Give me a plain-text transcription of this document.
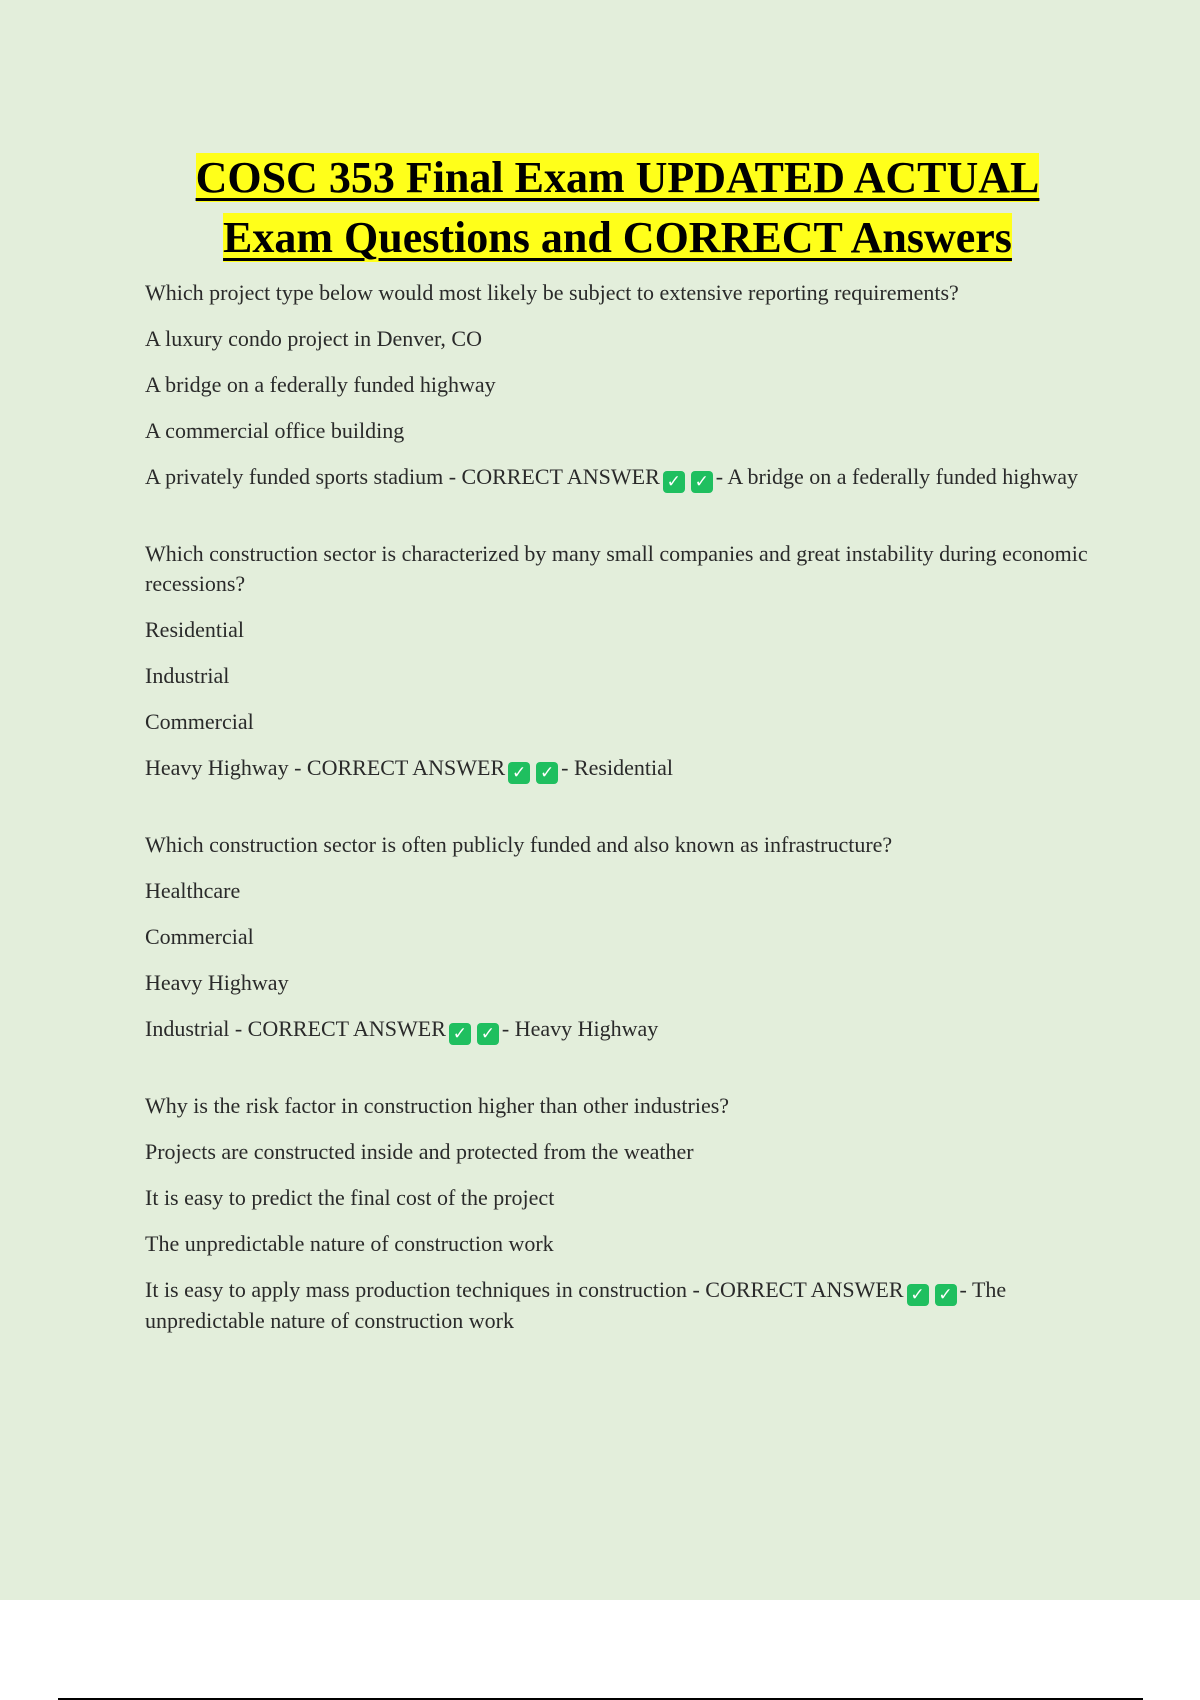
COSC 353 Final Exam UPDATED ACTUAL
Exam Questions and CORRECT Answers
Which project type below would most likely be subject to extensive reporting requirements?
A luxury condo project in Denver, CO
A bridge on a federally funded highway
A commercial office building
A privately funded sports stadium - CORRECT ANSWER ✓ ✓ - A bridge on a federally funded highway
Which construction sector is characterized by many small companies and great instability during economic recessions?
Residential
Industrial
Commercial
Heavy Highway - CORRECT ANSWER ✓ ✓ - Residential
Which construction sector is often publicly funded and also known as infrastructure?
Healthcare
Commercial
Heavy Highway
Industrial - CORRECT ANSWER ✓ ✓ - Heavy Highway
Why is the risk factor in construction higher than other industries?
Projects are constructed inside and protected from the weather
It is easy to predict the final cost of the project
The unpredictable nature of construction work
It is easy to apply mass production techniques in construction - CORRECT ANSWER ✓ ✓ - The unpredictable nature of construction work
